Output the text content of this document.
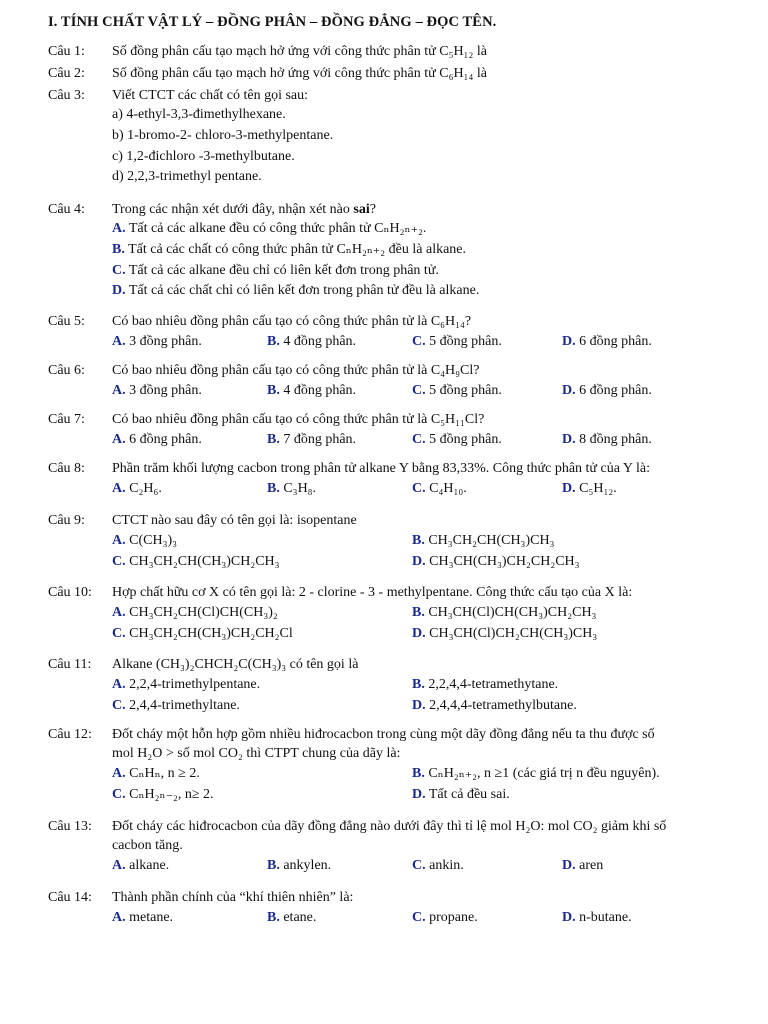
I. TÍNH CHẤT VẬT LÝ – ĐỒNG PHÂN – ĐỒNG ĐẲNG – ĐỌC TÊN.
Câu 1:	Số đồng phân cấu tạo mạch hở ứng với công thức phân tử C₅H₁₂ là
Câu 2:	Số đồng phân cấu tạo mạch hở ứng với công thức phân tử C₆H₁₄ là
Câu 3:	Viết CTCT các chất có tên gọi sau:
a) 4-ethyl-3,3-đimethylhexane.
b) 1-bromo-2- chloro-3-methylpentane.
c) 1,2-đichloro -3-methylbutane.
d) 2,2,3-trimethyl pentane.
Câu 4:	Trong các nhận xét dưới đây, nhận xét nào sai?
A. Tất cả các alkane đều có công thức phân tử CₙH₂ₙ₊₂.
B. Tất cả các chất có công thức phân tử CₙH₂ₙ₊₂ đều là alkane.
C. Tất cả các alkane đều chỉ có liên kết đơn trong phân tử.
D. Tất cả các chất chỉ có liên kết đơn trong phân tử đều là alkane.
Câu 5:	Có bao nhiêu đồng phân cấu tạo có công thức phân tử là C₆H₁₄?
A. 3 đồng phân.	B. 4 đồng phân.	C. 5 đồng phân.	D. 6 đồng phân.
Câu 6:	Có bao nhiêu đồng phân cấu tạo có công thức phân tử là C₄H₉Cl?
A. 3 đồng phân.	B. 4 đồng phân.	C. 5 đồng phân.	D. 6 đồng phân.
Câu 7:	Có bao nhiêu đồng phân cấu tạo có công thức phân tử là C₅H₁₁Cl?
A. 6 đồng phân.	B. 7 đồng phân.	C. 5 đồng phân.	D. 8 đồng phân.
Câu 8:	Phần trăm khối lượng cacbon trong phân tử alkane Y bằng 83,33%. Công thức phân tử của Y là:
A. C₂H₆.	B. C₃H₈.	C. C₄H₁₀.	D. C₅H₁₂.
Câu 9:	CTCT nào sau đây có tên gọi là: isopentane
A. C(CH₃)₃	B. CH₃CH₂CH(CH₃)CH₃
C. CH₃CH₂CH(CH₃)CH₂CH₃	D. CH₃CH(CH₃)CH₂CH₂CH₃
Câu 10:	Hợp chất hữu cơ X có tên gọi là: 2 - clorine - 3 - methylpentane. Công thức cấu tạo của X là:
A. CH₃CH₂CH(Cl)CH(CH₃)₂	B. CH₃CH(Cl)CH(CH₃)CH₂CH₃
C. CH₃CH₂CH(CH₃)CH₂CH₂Cl	D. CH₃CH(Cl)CH₂CH(CH₃)CH₃
Câu 11:	Alkane (CH₃)₂CHCH₂C(CH₃)₃ có tên gọi là
A. 2,2,4-trimethylpentane.	B. 2,2,4,4-tetramethytane.
C. 2,4,4-trimethyltane.	D. 2,4,4,4-tetramethylbutane.
Câu 12:	Đốt cháy một hỗn hợp gồm nhiều hiđrocacbon trong cùng một dãy đồng đẳng nếu ta thu được số
mol H₂O > số mol CO₂ thì CTPT chung của dãy là:
A. CₙHₙ, n ≥ 2.	B. CₙH₂ₙ₊₂, n ≥1 (các giá trị n đều nguyên).
C. CₙH₂ₙ₋₂, n≥ 2.	D. Tất cả đều sai.
Câu 13:	Đốt cháy các hiđrocacbon của dãy đồng đẳng nào dưới đây thì tỉ lệ mol H₂O: mol CO₂ giảm khi số
cacbon tăng.
A. alkane.	B. ankylen.	C. ankin.	D. aren
Câu 14:	Thành phần chính của “khí thiên nhiên” là:
A. metane.	B. etane.	C. propane.	D. n-butane.
